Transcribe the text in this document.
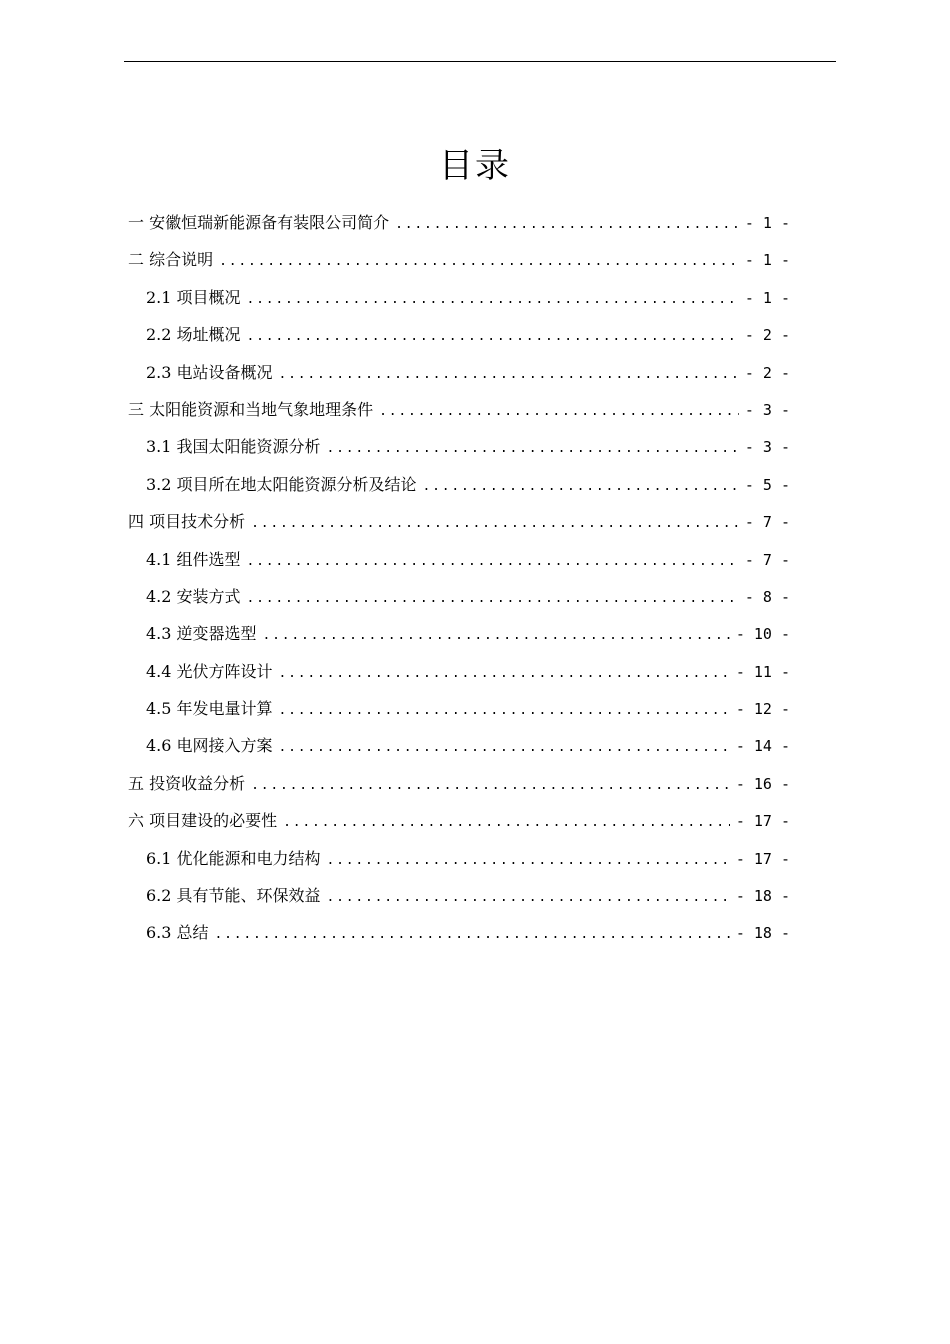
目录
一 安徽恒瑞新能源备有装限公司简介 .....	- 1 -
二 综合说明 .....	- 1 -
2.1 项目概况 .....	- 1 -
2.2 场址概况 .....	- 2 -
2.3 电站设备概况 .....	- 2 -
三 太阳能资源和当地气象地理条件 .....	- 3 -
3.1 我国太阳能资源分析 .....	- 3 -
3.2 项目所在地太阳能资源分析及结论 .....	- 5 -
四 项目技术分析 .....	- 7 -
4.1 组件选型 .....	- 7 -
4.2 安装方式 .....	- 8 -
4.3 逆变器选型 .....	- 10 -
4.4 光伏方阵设计 .....	- 11 -
4.5 年发电量计算 .....	- 12 -
4.6 电网接入方案 .....	- 14 -
五 投资收益分析 .....	- 16 -
六 项目建设的必要性 .....	- 17 -
6.1 优化能源和电力结构 .....	- 17 -
6.2 具有节能、环保效益 .....	- 18 -
6.3 总结 .....	- 18 -
